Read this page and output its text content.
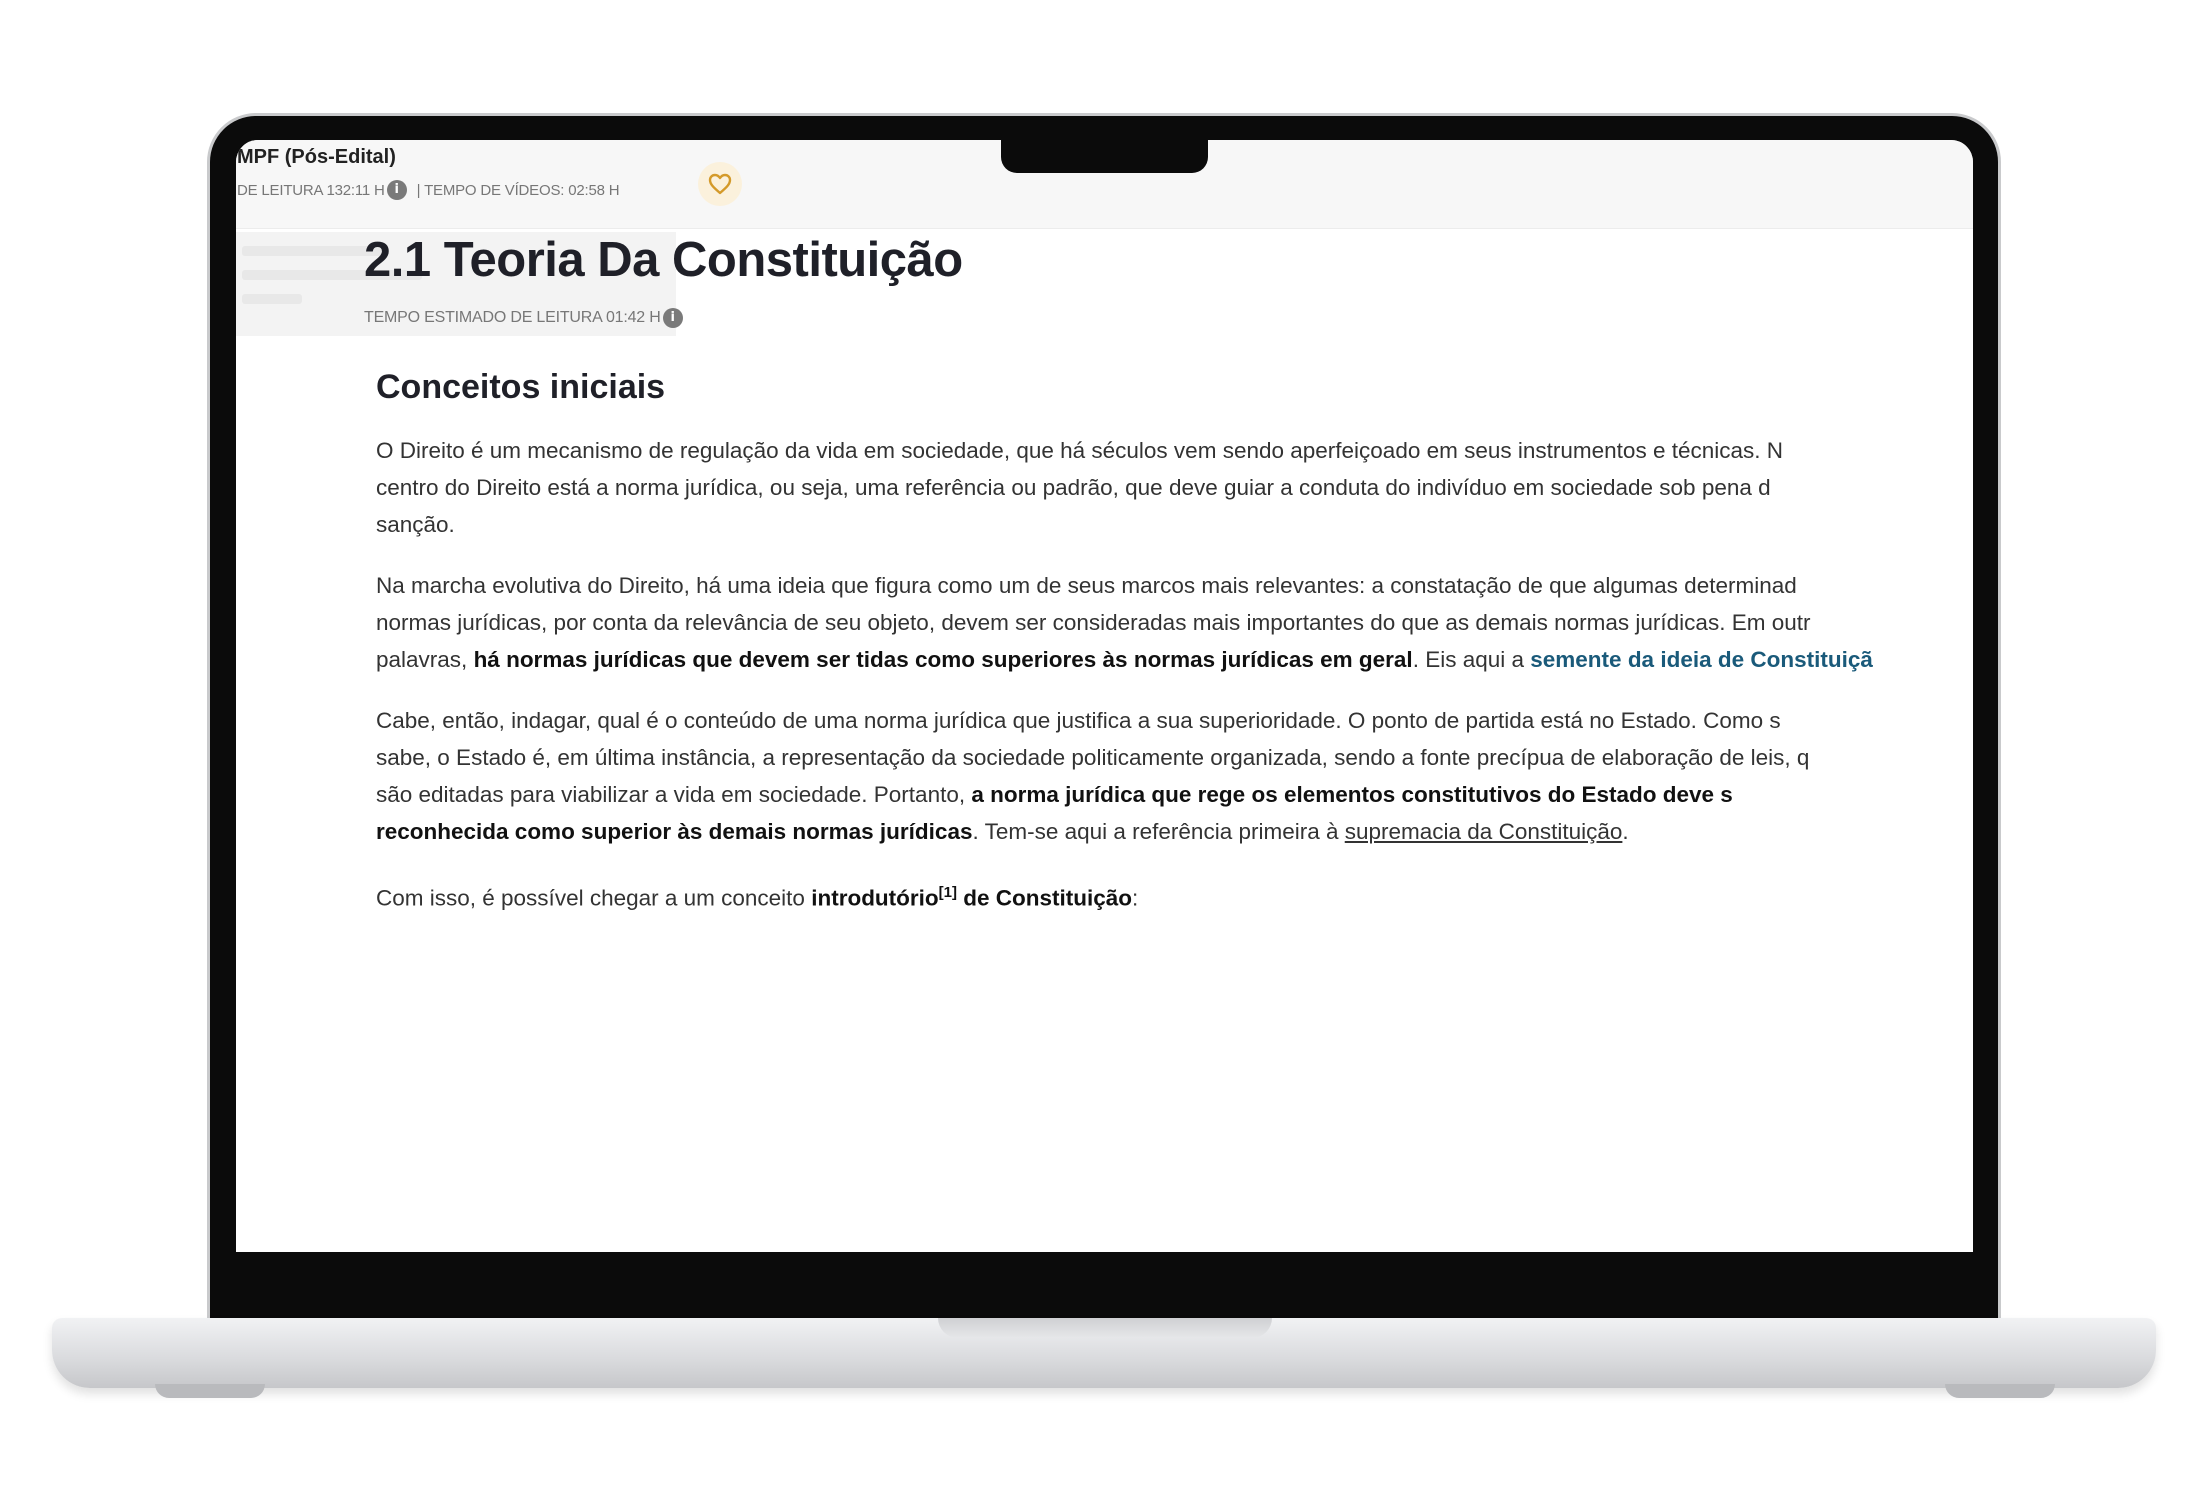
MPF (Pós-Edital)
DE LEITURA 132:11 H i	| TEMPO DE VÍDEOS: 02:58 H
2.1 Teoria Da Constituição
TEMPO ESTIMADO DE LEITURA 01:42 H i
Conceitos iniciais

O Direito é um mecanismo de regulação da vida em sociedade, que há séculos vem sendo aperfeiçoado em seus instrumentos e técnicas. N
centro do Direito está a norma jurídica, ou seja, uma referência ou padrão, que deve guiar a conduta do indivíduo em sociedade sob pena d
sanção.

Na marcha evolutiva do Direito, há uma ideia que figura como um de seus marcos mais relevantes: a constatação de que algumas determinad
normas jurídicas, por conta da relevância de seu objeto, devem ser consideradas mais importantes do que as demais normas jurídicas. Em outr
palavras, há normas jurídicas que devem ser tidas como superiores às normas jurídicas em geral. Eis aqui a semente da ideia de Constituiçã

Cabe, então, indagar, qual é o conteúdo de uma norma jurídica que justifica a sua superioridade. O ponto de partida está no Estado. Como s
sabe, o Estado é, em última instância, a representação da sociedade politicamente organizada, sendo a fonte precípua de elaboração de leis, q
são editadas para viabilizar a vida em sociedade. Portanto, a norma jurídica que rege os elementos constitutivos do Estado deve s
reconhecida como superior às demais normas jurídicas. Tem-se aqui a referência primeira à supremacia da Constituição.

Com isso, é possível chegar a um conceito introdutório[1] de Constituição:
